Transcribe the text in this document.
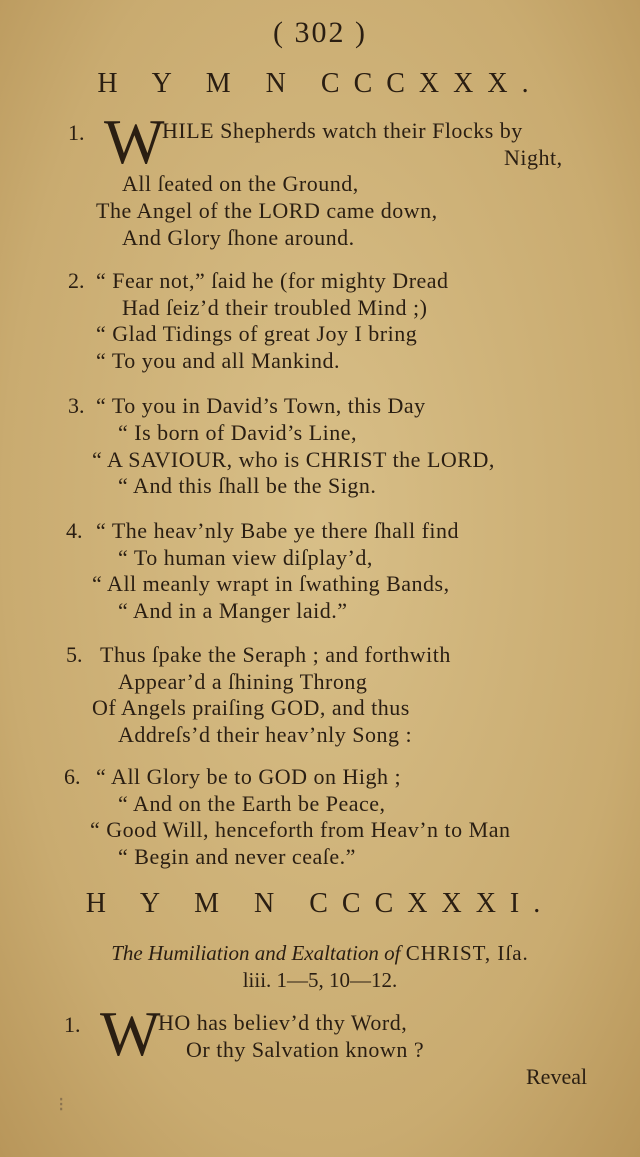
( 302 )
H Y M N CCCXXX.
1. W
HILE Shepherds watch their Flocks by
Night,
All ſeated on the Ground,
The Angel of the LORD came down,
And Glory ſhone around.
2. “ Fear not,” ſaid he (for mighty Dread
Had ſeiz’d their troubled Mind ;)
“ Glad Tidings of great Joy I bring
“ To you and all Mankind.
3. “ To you in David’s Town, this Day
“ Is born of David’s Line,
“ A SAVIOUR, who is CHRIST the LORD,
“ And this ſhall be the Sign.
4. “ The heav’nly Babe ye there ſhall find
“ To human view diſplay’d,
“ All meanly wrapt in ſwathing Bands,
“ And in a Manger laid.”
5. Thus ſpake the Seraph ; and forthwith
Appear’d a ſhining Throng
Of Angels praiſing GOD, and thus
Addreſs’d their heav’nly Song :
6. “ All Glory be to GOD on High ;
“ And on the Earth be Peace,
“ Good Will, henceforth from Heav’n to Man
“ Begin and never ceaſe.”
H Y M N CCCXXXI.
The Humiliation and Exaltation of CHRIST, Iſa.
liii. 1—5, 10—12.
1. W
HO has believ’d thy Word,
Or thy Salvation known ?
Reveal
⁝
